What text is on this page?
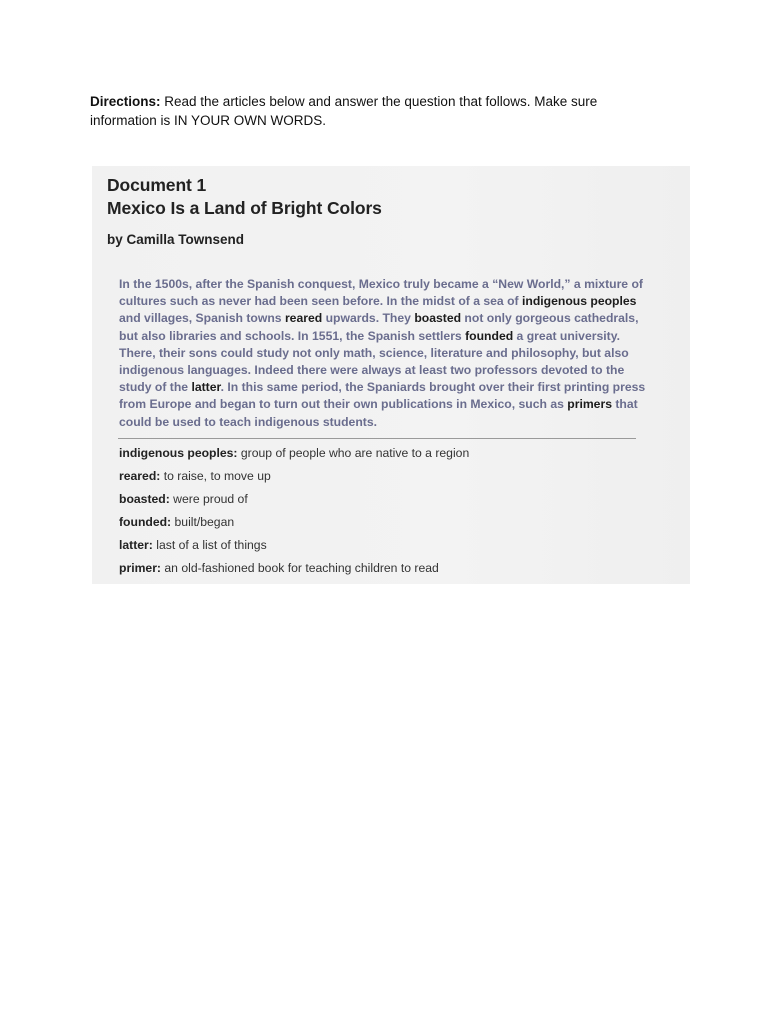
Directions: Read the articles below and answer the question that follows. Make sure information is IN YOUR OWN WORDS.
Document 1
Mexico Is a Land of Bright Colors
by Camilla Townsend
In the 1500s, after the Spanish conquest, Mexico truly became a “New World,” a mixture of
cultures such as never had been seen before. In the midst of a sea of indigenous peoples
and villages, Spanish towns reared upwards. They boasted not only gorgeous cathedrals,
but also libraries and schools. In 1551, the Spanish settlers founded a great university.
There, their sons could study not only math, science, literature and philosophy, but also
indigenous languages. Indeed there were always at least two professors devoted to the
study of the latter. In this same period, the Spaniards brought over their first printing press
from Europe and began to turn out their own publications in Mexico, such as primers that
could be used to teach indigenous students.
indigenous peoples: group of people who are native to a region
reared: to raise, to move up
boasted: were proud of
founded: built/began
latter: last of a list of things
primer: an old-fashioned book for teaching children to read
